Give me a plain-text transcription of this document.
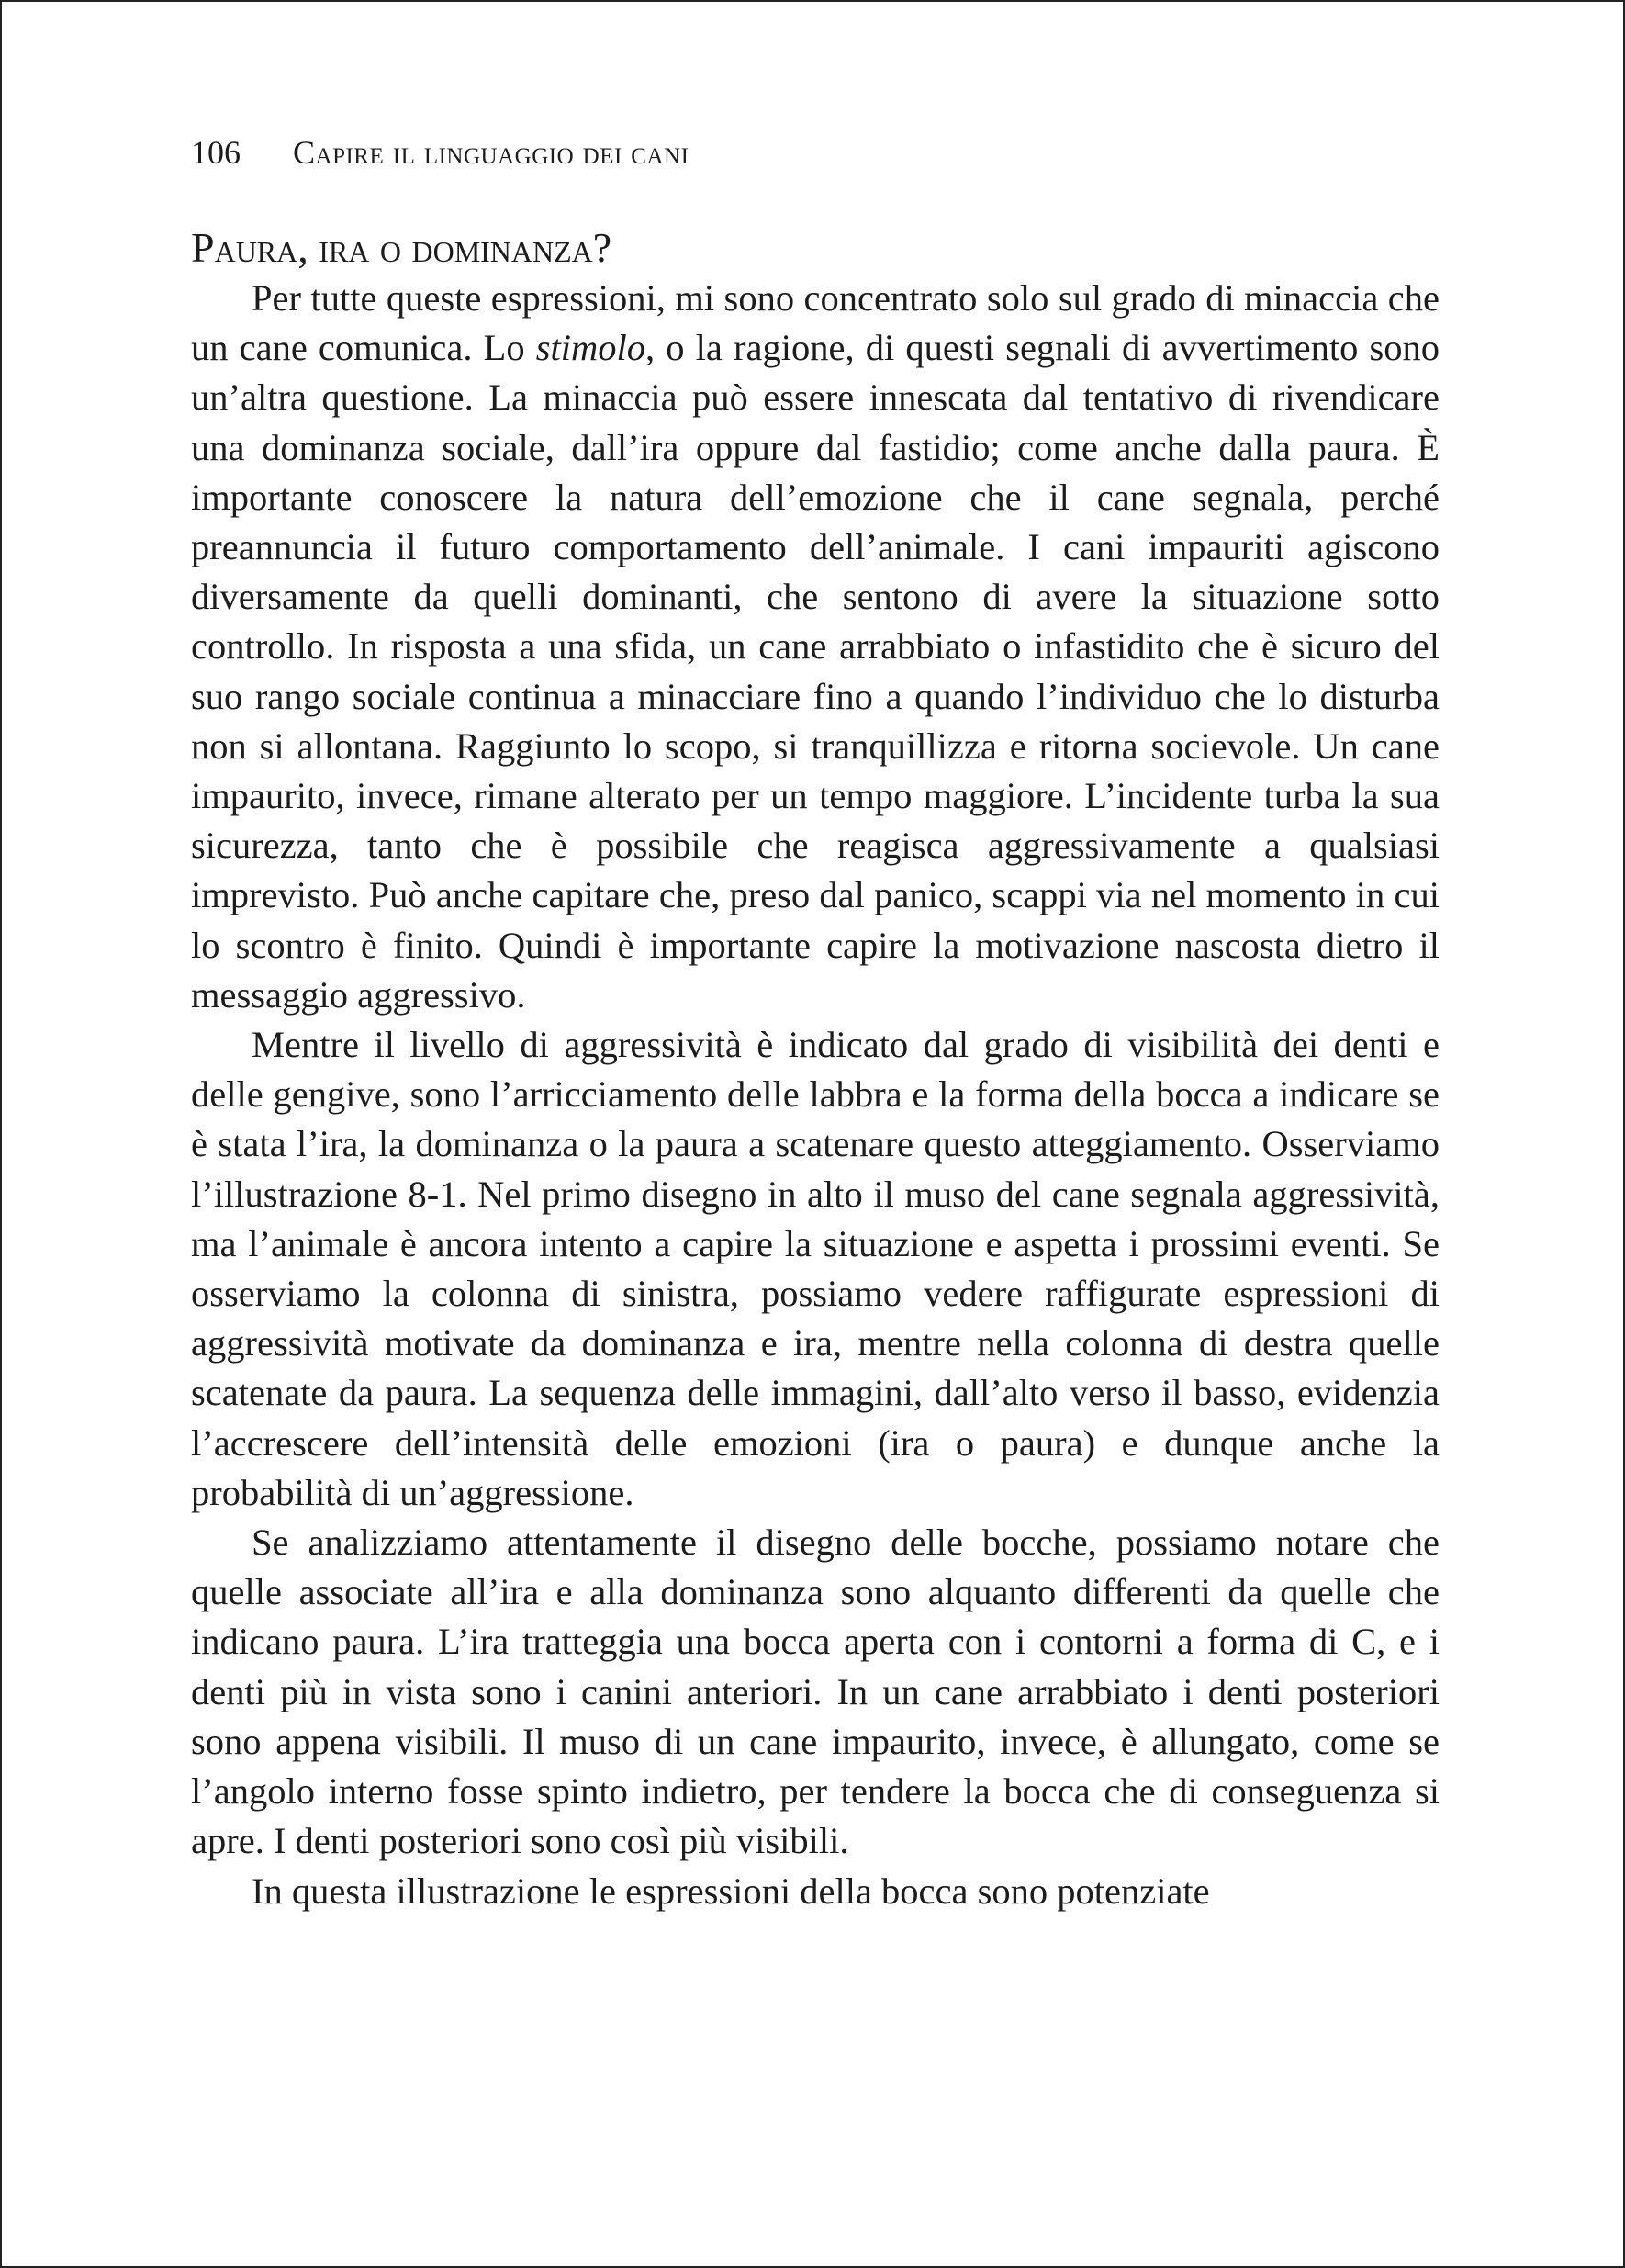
106 Capire il linguaggio dei cani
Paura, ira o dominanza?

Per tutte queste espressioni, mi sono concentrato solo sul grado di minaccia che un cane comunica. Lo stimolo, o la ragione, di questi segnali di avvertimento sono un’altra questione. La minaccia può essere innescata dal tentativo di rivendicare una dominanza sociale, dall’ira oppure dal fastidio; come anche dalla paura. È importante conoscere la natura dell’emozione che il cane segnala, perché preannuncia il futuro comportamento dell’animale. I cani impauriti agiscono diversamente da quelli dominanti, che sentono di avere la situazione sotto controllo. In risposta a una sfida, un cane arrabbiato o infastidito che è sicuro del suo rango sociale continua a minacciare fino a quando l’individuo che lo disturba non si allontana. Raggiunto lo scopo, si tranquillizza e ritorna socievole. Un cane impaurito, invece, rimane alterato per un tempo maggiore. L’incidente turba la sua sicurezza, tanto che è possibile che reagisca aggressivamente a qualsiasi imprevisto. Può anche capitare che, preso dal panico, scappi via nel momento in cui lo scontro è finito. Quindi è importante capire la motivazione nascosta dietro il messaggio aggressivo.

Mentre il livello di aggressività è indicato dal grado di visibilità dei denti e delle gengive, sono l’arricciamento delle labbra e la forma della bocca a indicare se è stata l’ira, la dominanza o la paura a scatenare questo atteggiamento. Osserviamo l’illustrazione 8-1. Nel primo disegno in alto il muso del cane segnala aggressività, ma l’animale è ancora intento a capire la situazione e aspetta i prossimi eventi. Se osserviamo la colonna di sinistra, possiamo vedere raffigurate espressioni di aggressività motivate da dominanza e ira, mentre nella colonna di destra quelle scatenate da paura. La sequenza delle immagini, dall’alto verso il basso, evidenzia l’accrescere dell’intensità delle emozioni (ira o paura) e dunque anche la probabilità di un’aggressione.

Se analizziamo attentamente il disegno delle bocche, possiamo notare che quelle associate all’ira e alla dominanza sono alquanto differenti da quelle che indicano paura. L’ira tratteggia una bocca aperta con i contorni a forma di C, e i denti più in vista sono i canini anteriori. In un cane arrabbiato i denti posteriori sono appena visibili. Il muso di un cane impaurito, invece, è allungato, come se l’angolo interno fosse spinto indietro, per tendere la bocca che di conseguenza si apre. I denti posteriori sono così più visibili.

In questa illustrazione le espressioni della bocca sono potenziate
